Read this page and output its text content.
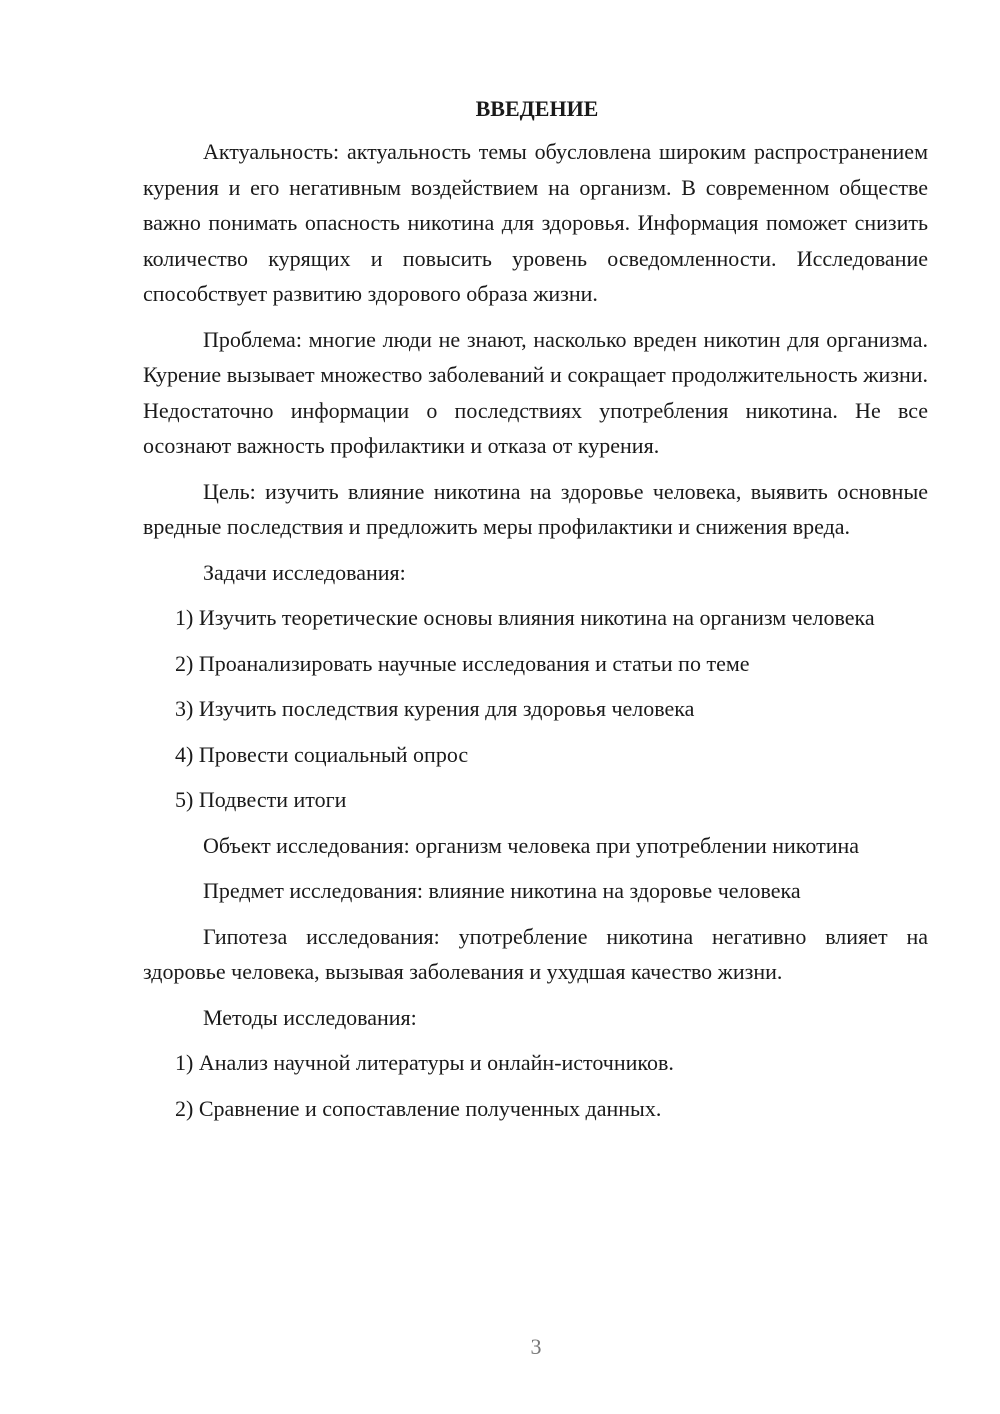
ВВЕДЕНИЕ

Актуальность: актуальность темы обусловлена широким распространением курения и его негативным воздействием на организм. В современном обществе важно понимать опасность никотина для здоровья. Информация поможет снизить количество курящих и повысить уровень осведомленности. Исследование способствует развитию здорового образа жизни.

Проблема: многие люди не знают, насколько вреден никотин для организма. Курение вызывает множество заболеваний и сокращает продолжительность жизни. Недостаточно информации о последствиях употребления никотина. Не все осознают важность профилактики и отказа от курения.

Цель: изучить влияние никотина на здоровье человека, выявить основные вредные последствия и предложить меры профилактики и снижения вреда.

Задачи исследования:

1) Изучить теоретические основы влияния никотина на организм человека

2) Проанализировать научные исследования и статьи по теме

3) Изучить последствия курения для здоровья человека

4) Провести социальный опрос

5) Подвести итоги

Объект исследования: организм человека при употреблении никотина

Предмет исследования: влияние никотина на здоровье человека

Гипотеза исследования: употребление никотина негативно влияет на здоровье человека, вызывая заболевания и ухудшая качество жизни.

Методы исследования:

1) Анализ научной литературы и онлайн-источников.

2) Сравнение и сопоставление полученных данных.

3
